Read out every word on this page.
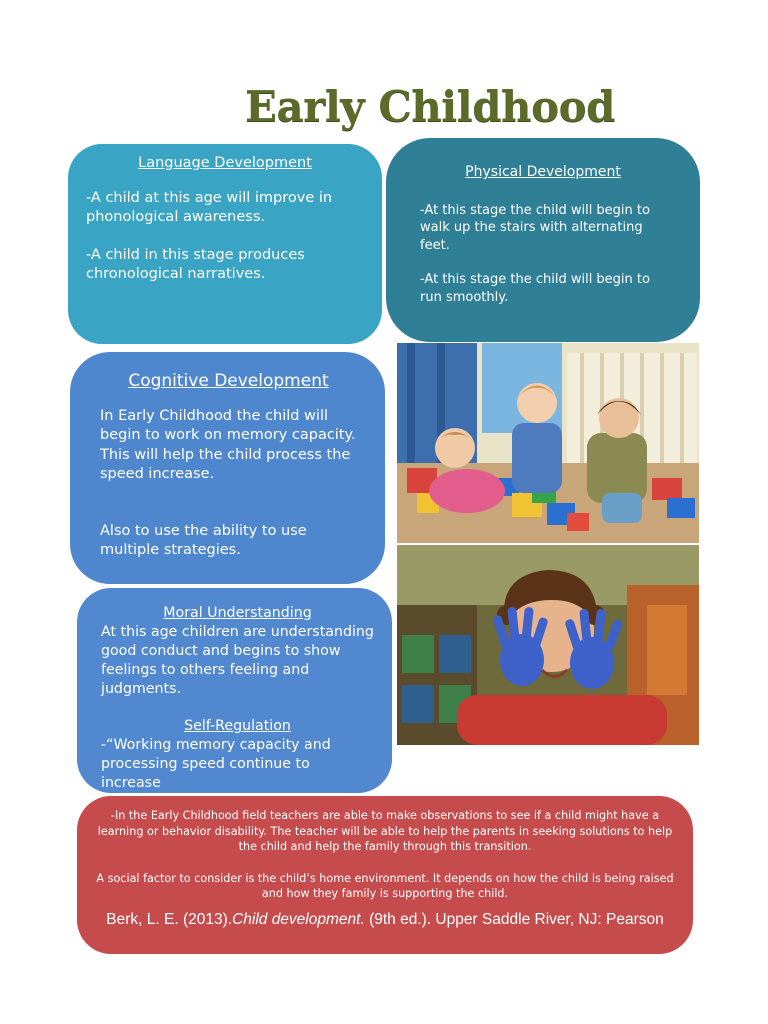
Early Childhood
Language Development

-A child at this age will improve in phonological awareness.

-A child in this stage produces chronological narratives.

Physical Development

-At this stage the child will begin to walk up the stairs with alternating feet.

-At this stage the child will begin to run smoothly.

Cognitive Development

In Early Childhood the child will begin to work on memory capacity. This will help the child process the speed increase.

Also to use the ability to use multiple strategies.

Moral Understanding

At this age children are understanding good conduct and begins to show feelings to others feeling and judgments.

Self-Regulation

-“Working memory capacity and processing speed continue to increase

-In the Early Childhood field teachers are able to make observations to see if a child might have a learning or behavior disability. The teacher will be able to help the parents in seeking solutions to help the child and help the family through this transition.

A social factor to consider is the child’s home environment. It depends on how the child is being raised and how they family is supporting the child.

Berk, L. E. (2013).Child development. (9th ed.). Upper Saddle River, NJ: Pearson
